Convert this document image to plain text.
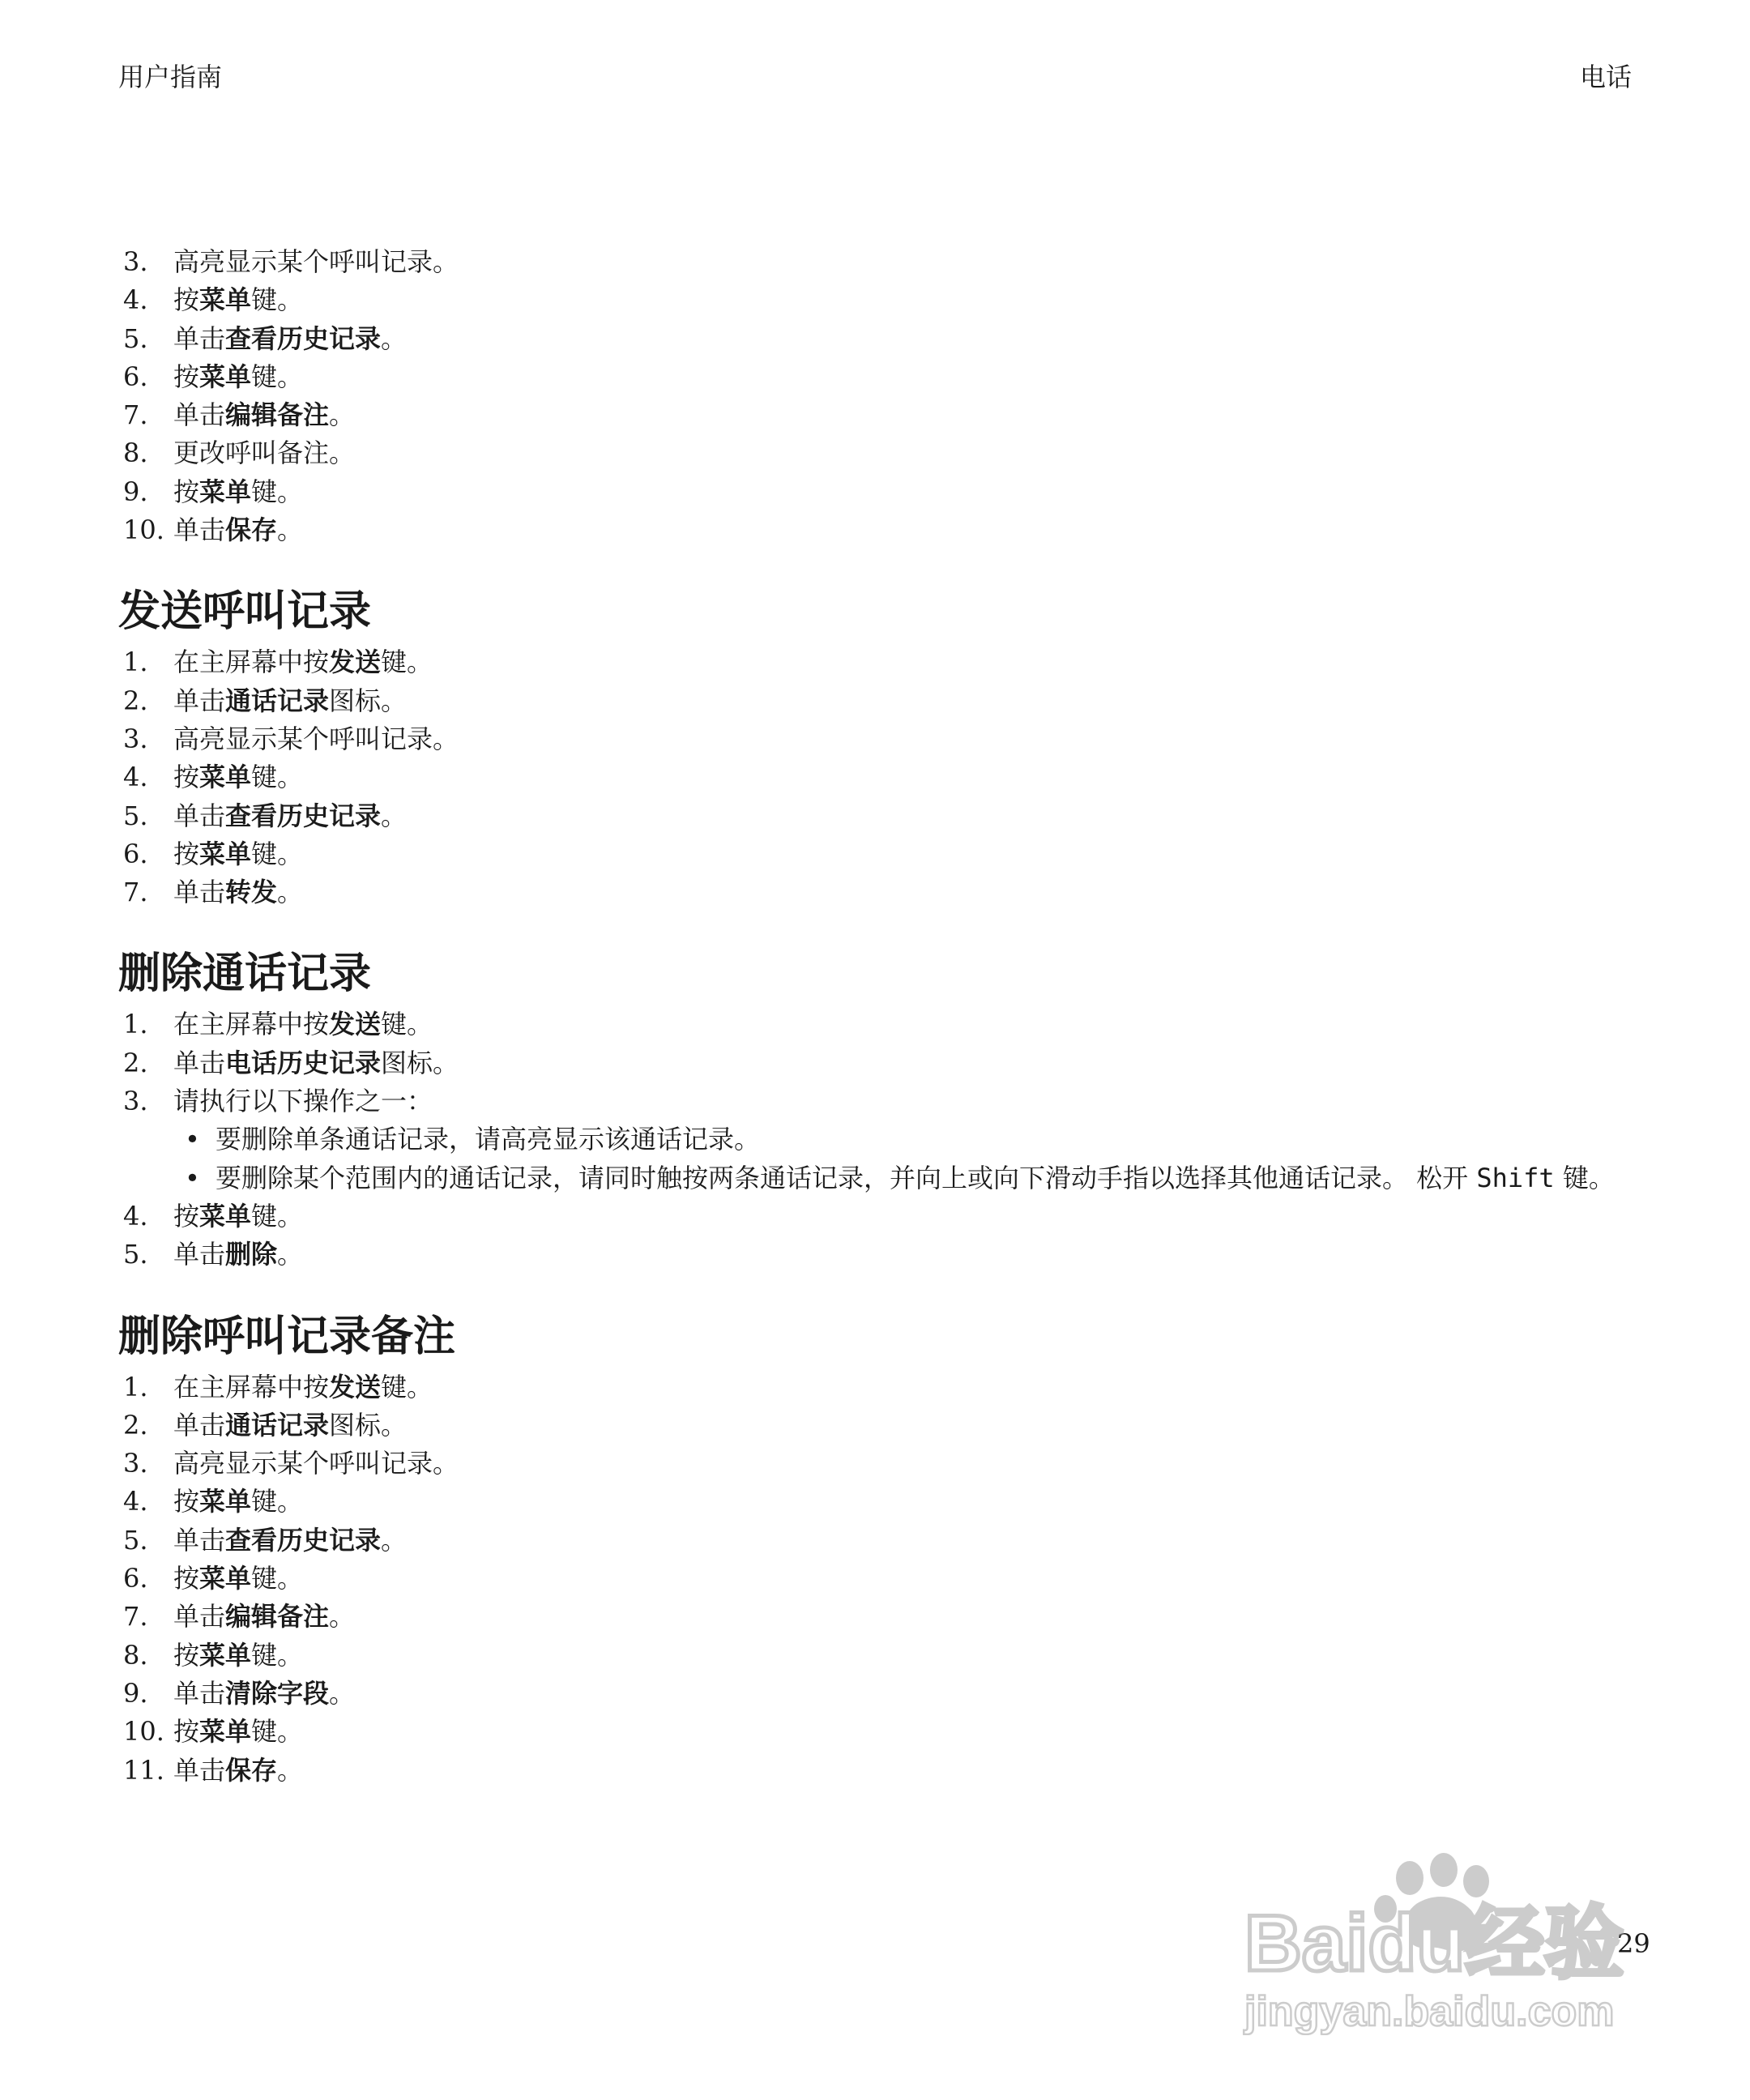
用户指南	电话
3. 高亮显示某个呼叫记录。
4. 按菜单键。
5. 单击查看历史记录。
6. 按菜单键。
7. 单击编辑备注。
8. 更改呼叫备注。
9. 按菜单键。
10. 单击保存。
发送呼叫记录
1. 在主屏幕中按发送键。
2. 单击通话记录图标。
3. 高亮显示某个呼叫记录。
4. 按菜单键。
5. 单击查看历史记录。
6. 按菜单键。
7. 单击转发。
删除通话记录
1. 在主屏幕中按发送键。
2. 单击电话历史记录图标。
3. 请执行以下操作之一：
• 要删除单条通话记录，请高亮显示该通话记录。
• 要删除某个范围内的通话记录，请同时触按两条通话记录，并向上或向下滑动手指以选择其他通话记录。 松开 Shift 键。
4. 按菜单键。
5. 单击删除。
删除呼叫记录备注
1. 在主屏幕中按发送键。
2. 单击通话记录图标。
3. 高亮显示某个呼叫记录。
4. 按菜单键。
5. 单击查看历史记录。
6. 按菜单键。
7. 单击编辑备注。
8. 按菜单键。
9. 单击清除字段。
10. 按菜单键。
11. 单击保存。
29
Baidu经验
jingyan.baidu.com
